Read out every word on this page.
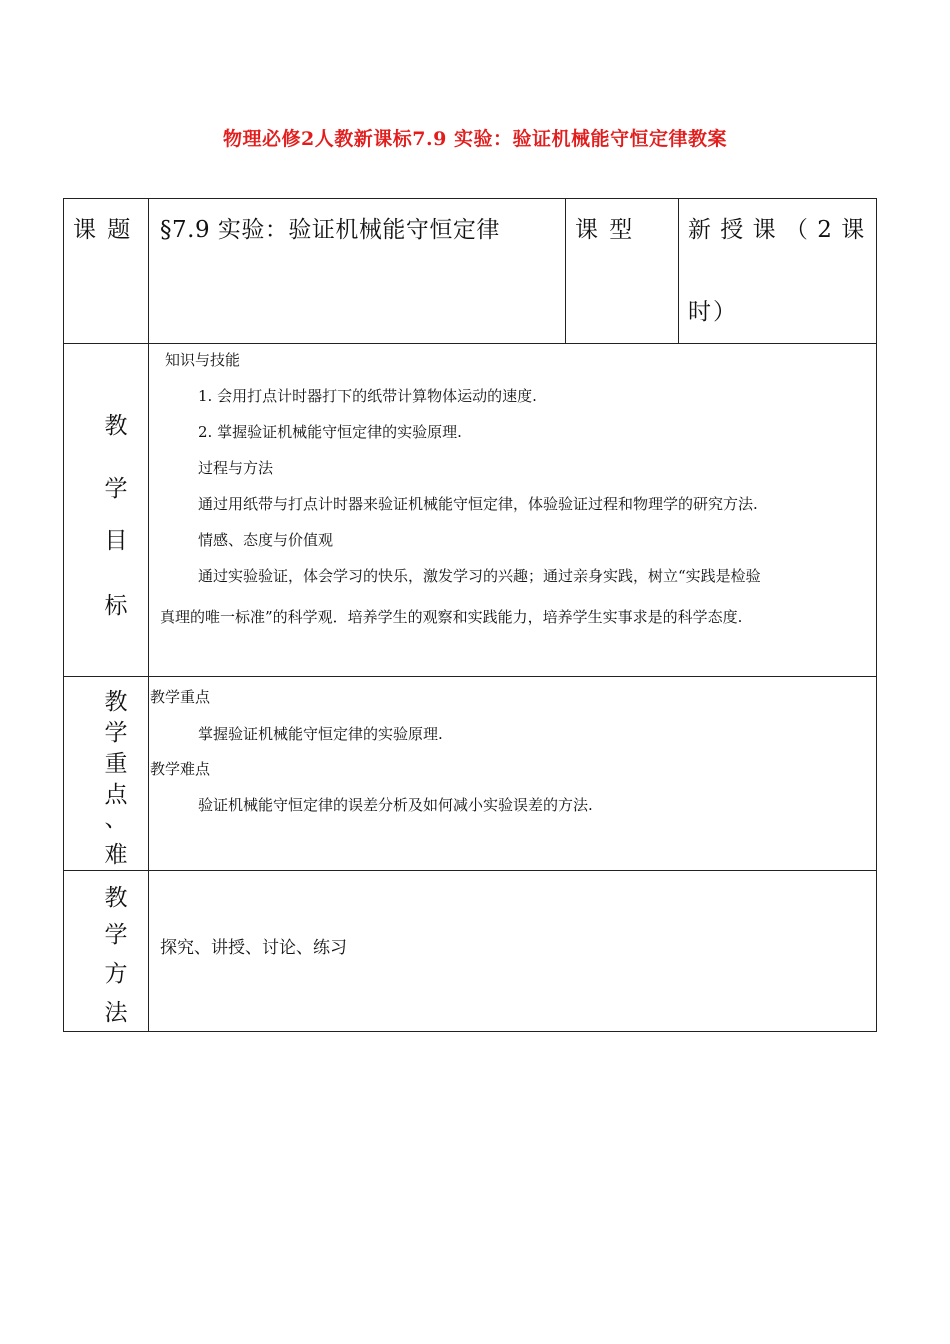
物理必修2人教新课标7.9 实验：验证机械能守恒定律教案
课 题 §7.9 实验：验证机械能守恒定律	课 型 新 授 课 （ 2 课
时）
教
学
目
标
知识与技能
1. 会用打点计时器打下的纸带计算物体运动的速度.
2. 掌握验证机械能守恒定律的实验原理.
过程与方法
通过用纸带与打点计时器来验证机械能守恒定律，体验验证过程和物理学的研究方法.
情感、态度与价值观
通过实验验证，体会学习的快乐，激发学习的兴趣；通过亲身实践，树立“实践是检验
真理的唯一标准”的科学观．培养学生的观察和实践能力，培养学生实事求是的科学态度.
教
学
重
点
、
难
教学重点
掌握验证机械能守恒定律的实验原理.
教学难点
验证机械能守恒定律的误差分析及如何减小实验误差的方法.
教
学
方
法
探究、讲授、讨论、练习
